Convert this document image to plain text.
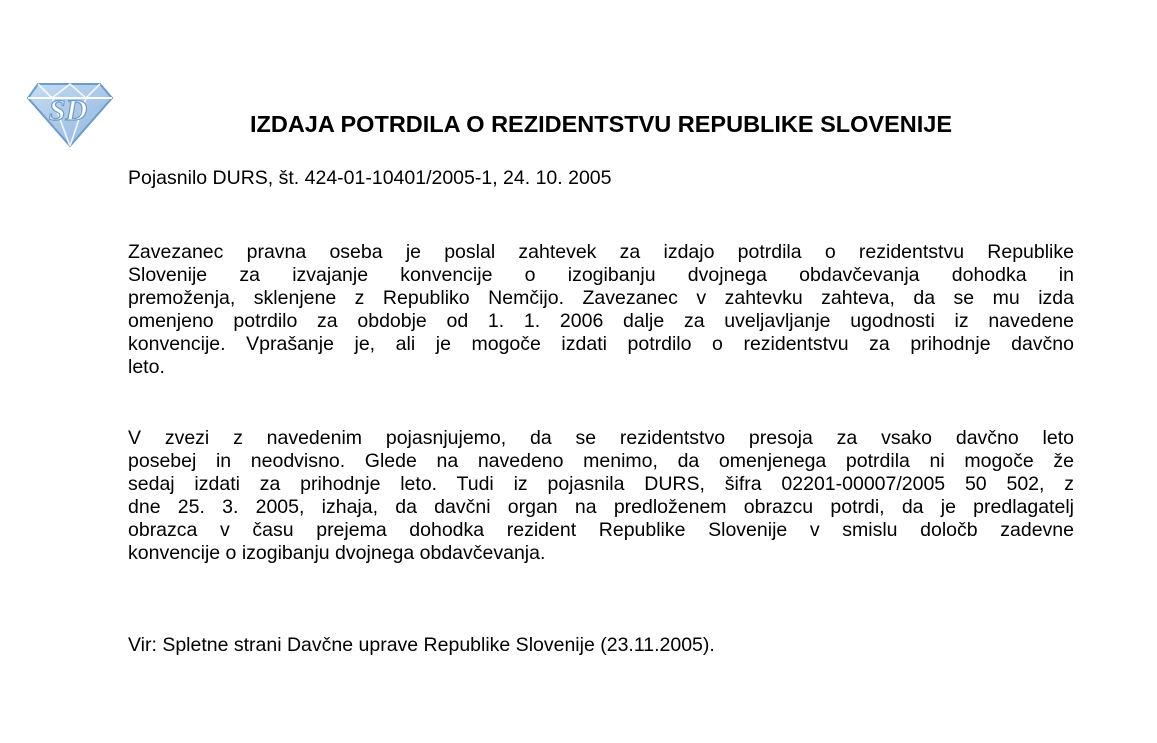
SD	IZDAJA POTRDILA O REZIDENTSTVU REPUBLIKE SLOVENIJE

Pojasnilo DURS, št. 424-01-10401/2005-1, 24. 10. 2005

Zavezanec pravna oseba je poslal zahtevek za izdajo potrdila o rezidentstvu Republike
Slovenije za izvajanje konvencije o izogibanju dvojnega obdavčevanja dohodka in
premoženja, sklenjene z Republiko Nemčijo. Zavezanec v zahtevku zahteva, da se mu izda
omenjeno potrdilo za obdobje od 1. 1. 2006 dalje za uveljavljanje ugodnosti iz navedene
konvencije. Vprašanje je, ali je mogoče izdati potrdilo o rezidentstvu za prihodnje davčno
leto.
V zvezi z navedenim pojasnjujemo, da se rezidentstvo presoja za vsako davčno leto
posebej in neodvisno. Glede na navedeno menimo, da omenjenega potrdila ni mogoče že
sedaj izdati za prihodnje leto. Tudi iz pojasnila DURS, šifra 02201-00007/2005 50 502, z
dne 25. 3. 2005, izhaja, da davčni organ na predloženem obrazcu potrdi, da je predlagatelj
obrazca v času prejema dohodka rezident Republike Slovenije v smislu določb zadevne
konvencije o izogibanju dvojnega obdavčevanja.

Vir: Spletne strani Davčne uprave Republike Slovenije (23.11.2005).
